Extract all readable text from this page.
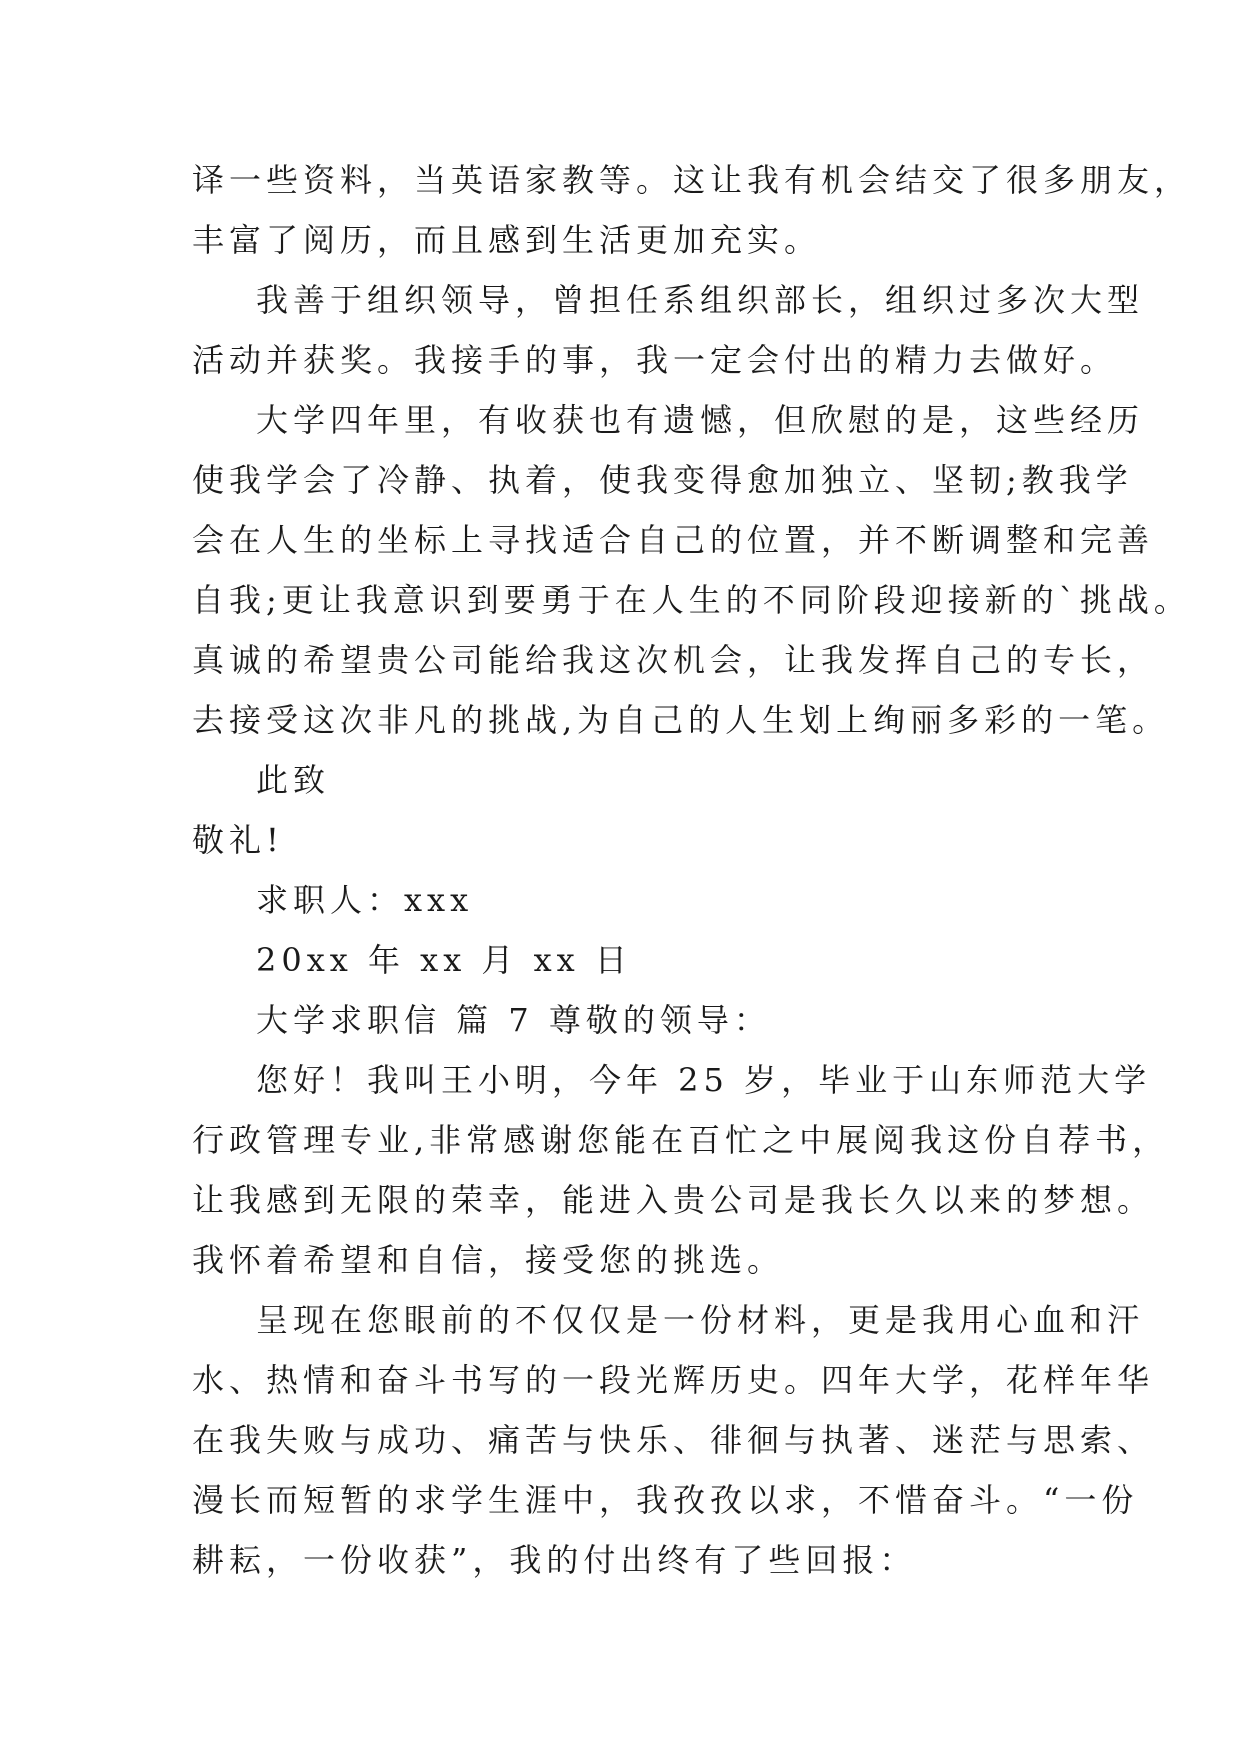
译一些资料，当英语家教等。这让我有机会结交了很多朋友，

丰富了阅历，而且感到生活更加充实。

我善于组织领导，曾担任系组织部长，组织过多次大型

活动并获奖。我接手的事，我一定会付出的精力去做好。

大学四年里，有收获也有遗憾，但欣慰的是，这些经历

使我学会了冷静、执着，使我变得愈加独立、坚韧;教我学

会在人生的坐标上寻找适合自己的位置，并不断调整和完善

自我;更让我意识到要勇于在人生的不同阶段迎接新的`挑战。

真诚的希望贵公司能给我这次机会，让我发挥自己的专长，

去接受这次非凡的挑战,为自己的人生划上绚丽多彩的一笔。

此致

敬礼!

求职人：xxx

20xx 年 xx 月 xx 日

大学求职信 篇 7 尊敬的领导：

您好！我叫王小明，今年 25 岁，毕业于山东师范大学

行政管理专业,非常感谢您能在百忙之中展阅我这份自荐书，

让我感到无限的荣幸，能进入贵公司是我长久以来的梦想。

我怀着希望和自信，接受您的挑选。

呈现在您眼前的不仅仅是一份材料，更是我用心血和汗

水、热情和奋斗书写的一段光辉历史。四年大学，花样年华

在我失败与成功、痛苦与快乐、徘徊与执著、迷茫与思索、

漫长而短暂的求学生涯中，我孜孜以求，不惜奋斗。“一份

耕耘，一份收获”，我的付出终有了些回报：
